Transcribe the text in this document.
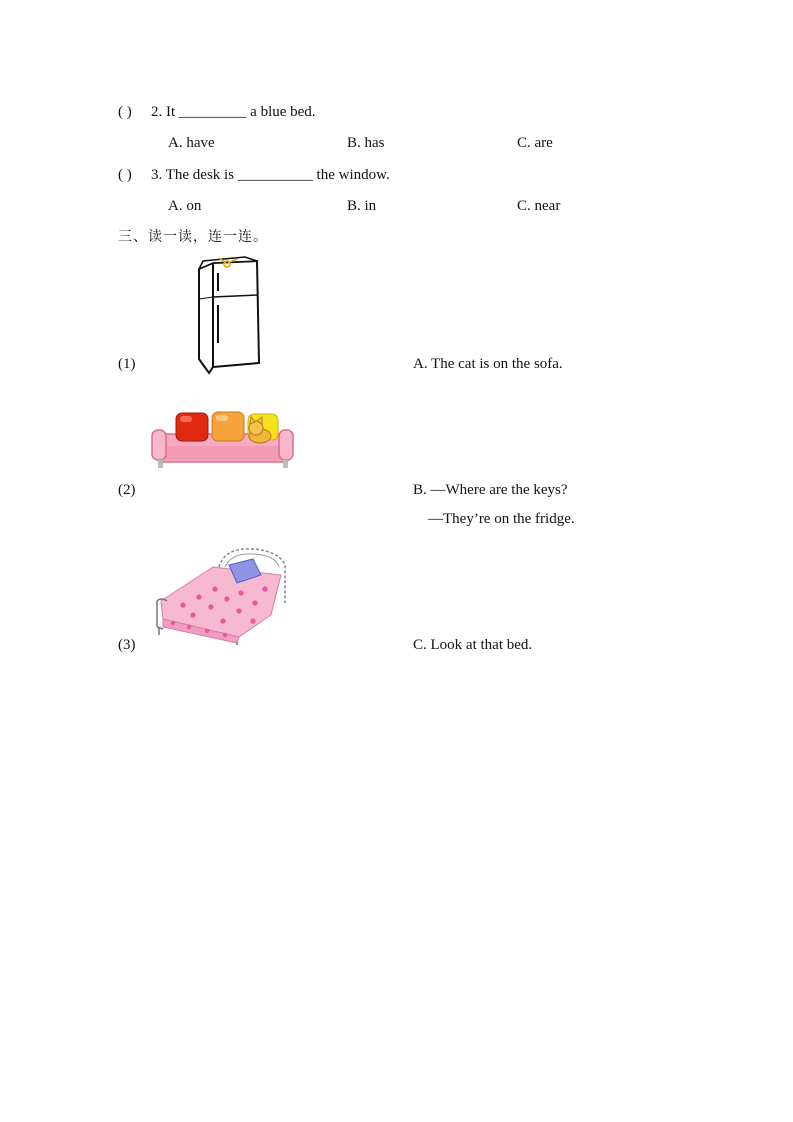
( ) 2. It _________ a blue bed.
A. have	B. has	C. are
( ) 3. The desk is __________ the window.
A. on	B. in	C. near
三、读一读，连一连。
(1)	A. The cat is on the sofa.
(2)	B. —Where are the keys?
—They’re on the fridge.
(3)	C. Look at that bed.
